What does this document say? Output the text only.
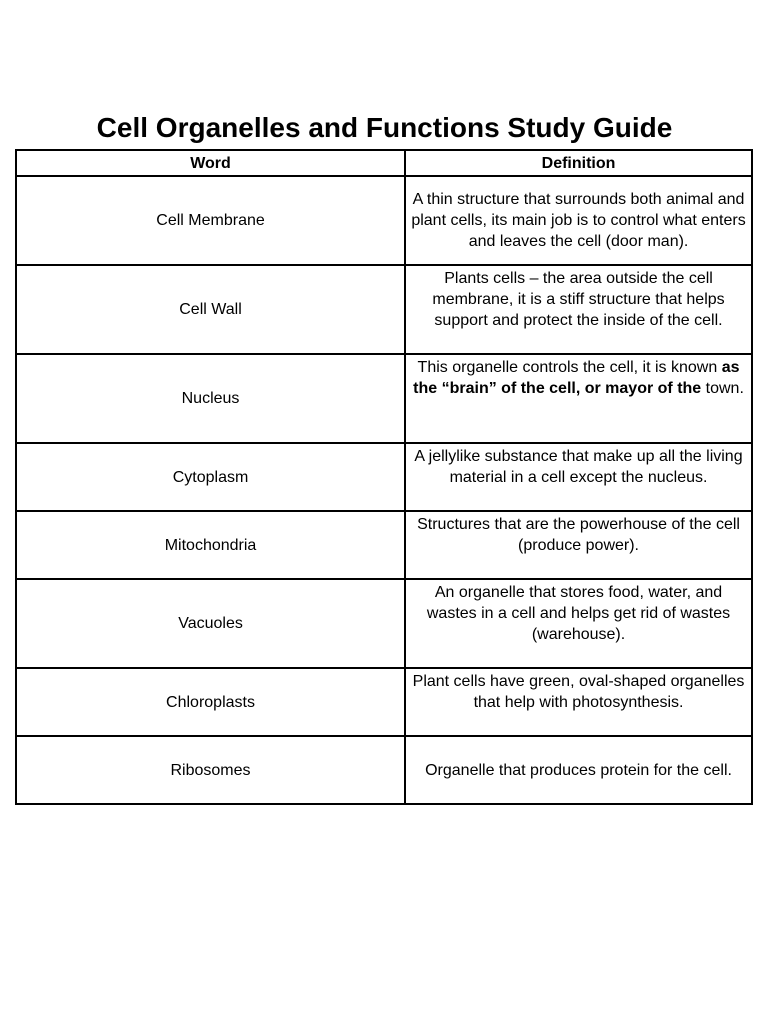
Cell Organelles and Functions Study Guide
Word	Definition
Cell Membrane	A thin structure that surrounds both animal and plant cells, its main job is to control what enters and leaves the cell (door man).
Cell Wall	Plants cells – the area outside the cell membrane, it is a stiff structure that helps support and protect the inside of the cell.
Nucleus	This organelle controls the cell, it is known as the “brain” of the cell, or mayor of the town.
Cytoplasm	A jellylike substance that make up all the living material in a cell except the nucleus.
Mitochondria	Structures that are the powerhouse of the cell (produce power).
Vacuoles	An organelle that stores food, water, and wastes in a cell and helps get rid of wastes (warehouse).
Chloroplasts	Plant cells have green, oval-shaped organelles that help with photosynthesis.
Ribosomes	Organelle that produces protein for the cell.
